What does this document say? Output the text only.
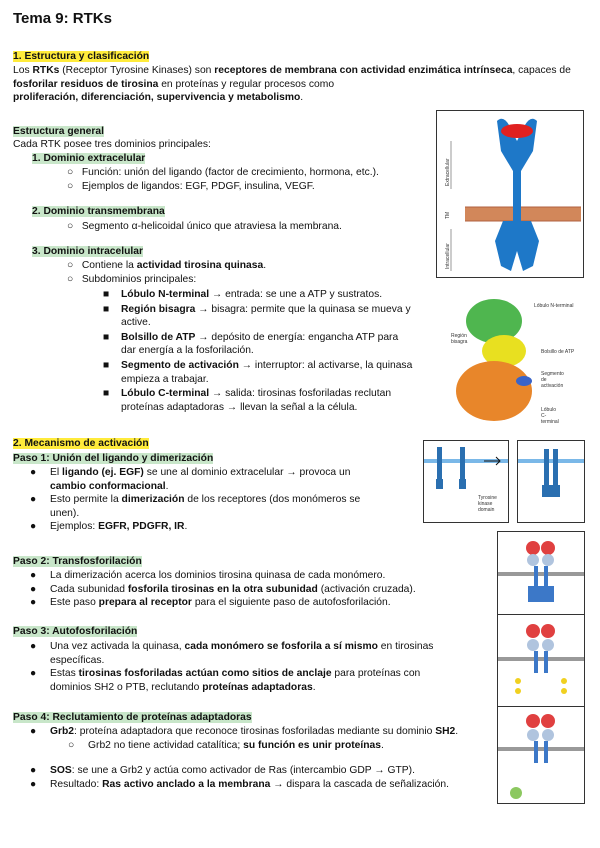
Tema 9: RTKs
1. Estructura y clasificación
Los RTKs (Receptor Tyrosine Kinases) son receptores de membrana con actividad enzimática intrínseca, capaces de
fosforilar residuos de tirosina en proteínas y regular procesos como
proliferación, diferenciación, supervivencia y metabolismo.
Estructura general
Cada RTK posee tres dominios principales:
1. Dominio extracelular
○   Función: unión del ligando (factor de crecimiento, hormona, etc.).
○   Ejemplos de ligandos: EGF, PDGF, insulina, VEGF.
2. Dominio transmembrana
○   Segmento α-helicoidal único que atraviesa la membrana.
3. Dominio intracelular
○   Contiene la actividad tirosina quinasa.
○   Subdominios principales:
■ Lóbulo N-terminal → entrada: se une a ATP y sustratos.
■ Región bisagra → bisagra: permite que la quinasa se mueva y
active.
■ Bolsillo de ATP → depósito de energía: engancha ATP para
dar energía a la fosforilación.
■ Segmento de activación → interruptor: al activarse, la quinasa
empieza a trabajar.
■ Lóbulo C-terminal → salida: tirosinas fosforiladas reclutan
proteínas adaptadoras → llevan la señal a la célula.
2. Mecanismo de activación
Paso 1: Unión del ligando y dimerización
● El ligando (ej. EGF) se une al dominio extracelular → provoca un
cambio conformacional.
● Esto permite la dimerización de los receptores (dos monómeros se
unen).
● Ejemplos: EGFR, PDGFR, IR.
Paso 2: Transfosforilación
● La dimerización acerca los dominios tirosina quinasa de cada monómero.
● Cada subunidad fosforila tirosinas en la otra subunidad (activación cruzada).
● Este paso prepara al receptor para el siguiente paso de autofosforilación.
Paso 3: Autofosforilación
● Una vez activada la quinasa, cada monómero se fosforila a sí mismo en tirosinas
específicas.
● Estas tirosinas fosforiladas actúan como sitios de anclaje para proteínas con
dominios SH2 o PTB, reclutando proteínas adaptadoras.
Paso 4: Reclutamiento de proteínas adaptadoras
● Grb2: proteína adaptadora que reconoce tirosinas fosforiladas mediante su dominio SH2.
○ Grb2 no tiene actividad catalítica; su función es unir proteínas.
● SOS: se une a Grb2 y actúa como activador de Ras (intercambio GDP → GTP).
● Resultado: Ras activo anclado a la membrana → dispara la cascada de señalización.
Extracellular
TM
Intracellular
Lóbulo N-terminal
Región
bisagra
Bolsillo de ATP
Segmento
de
activación
Lóbulo
C-
terminal
Tyrosine
kinase
domain
